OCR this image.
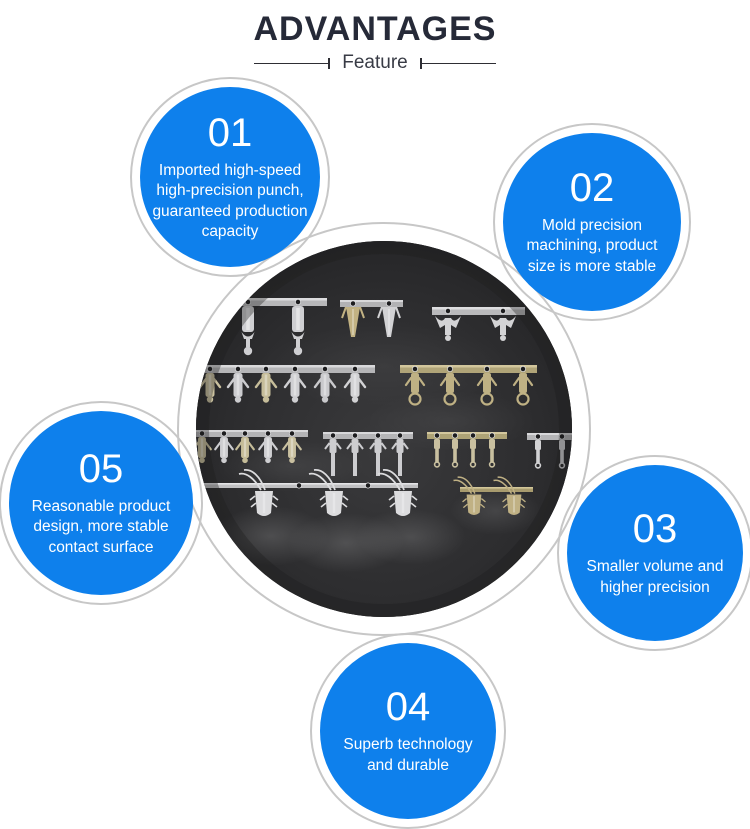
ADVANTAGES
Feature
01
Imported high-speed high-precision punch, guaranteed production capacity
02
Mold precision machining, product size is more stable
03
Smaller volume and higher precision
04
Superb technology and durable
05
Reasonable product design, more stable contact surface
